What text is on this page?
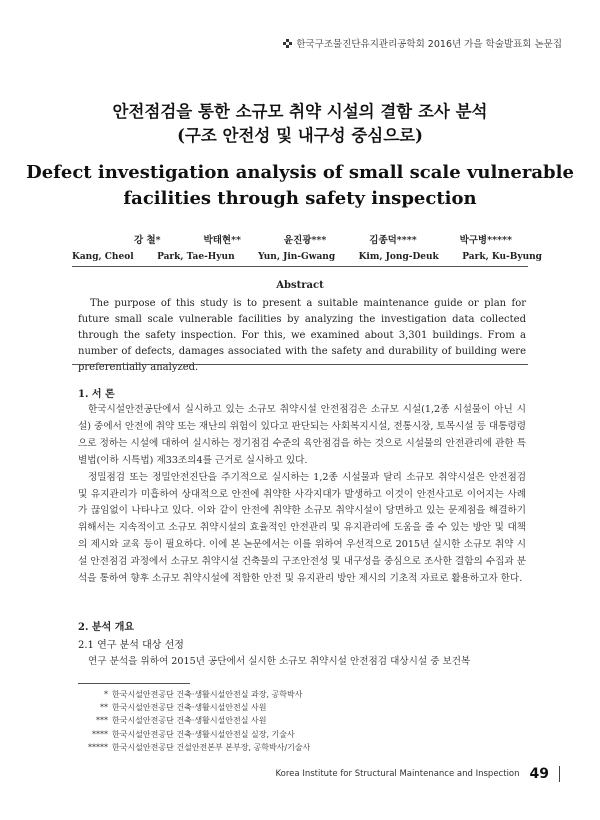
한국구조물진단유지관리공학회 2016년 가을 학술발표회 논문집
안전점검을 통한 소규모 취약 시설의 결함 조사 분석
(구조 안전성 및 내구성 중심으로)
Defect investigation analysis of small scale vulnerable
facilities through safety inspection
강 철*	박태현**	윤진광***	김종덕****	박구병*****
Kang, Cheol	Park, Tae-Hyun	Yun, Jin-Gwang	Kim, Jong-Deuk	Park, Ku-Byung
Abstract

The purpose of this study is to present a suitable maintenance guide or plan for future small scale vulnerable facilities by analyzing the investigation data collected through the safety inspection. For this, we examined about 3,301 buildings. From a number of defects, damages associated with the safety and durability of building were preferentially analyzed.

1. 서 론

한국시설안전공단에서 실시하고 있는 소규모 취약시설 안전점검은 소규모 시설(1,2종 시설물이 아닌 시설) 중에서 안전에 취약 또는 재난의 위험이 있다고 판단되는 사회복지시설, 전통시장, 토목시설 등 대통령령으로 정하는 시설에 대하여 실시하는 정기점검 수준의 육안점검을 하는 것으로 시설물의 안전관리에 관한 특별법(이하 시특법) 제33조의4를 근거로 실시하고 있다.

정밀점검 또는 정밀안전진단을 주기적으로 실시하는 1,2종 시설물과 달리 소규모 취약시설은 안전점검 및 유지관리가 미흡하여 상대적으로 안전에 취약한 사각지대가 발생하고 이것이 안전사고로 이어지는 사례가 끊임없이 나타나고 있다. 이와 같이 안전에 취약한 소규모 취약시설이 당면하고 있는 문제점을 해결하기 위해서는 지속적이고 소규모 취약시설의 효율적인 안전관리 및 유지관리에 도움을 줄 수 있는 방안 및 대책의 제시와 교육 등이 필요하다. 이에 본 논문에서는 이를 위하여 우선적으로 2015년 실시한 소규모 취약 시설 안전점검 과정에서 소규모 취약시설 건축물의 구조안전성 및 내구성을 중심으로 조사한 결함의 수집과 분석을 통하여 향후 소규모 취약시설에 적합한 안전 및 유지관리 방안 제시의 기초적 자료로 활용하고자 한다.

2. 분석 개요
2.1 연구 분석 대상 선정

연구 분석을 위하여 2015년 공단에서 실시한 소규모 취약시설 안전점검 대상시설 중 보건복

* 한국시설안전공단 건축·생활시설안전실 과장, 공학박사
** 한국시설안전공단 건축·생활시설안전실 사원
*** 한국시설안전공단 건축·생활시설안전실 사원
**** 한국시설안전공단 건축·생활시설안전실 실장, 기술사
***** 한국시설안전공단 건설안전본부 본부장, 공학박사/기술사
Korea Institute for Structural Maintenance and Inspection 49
